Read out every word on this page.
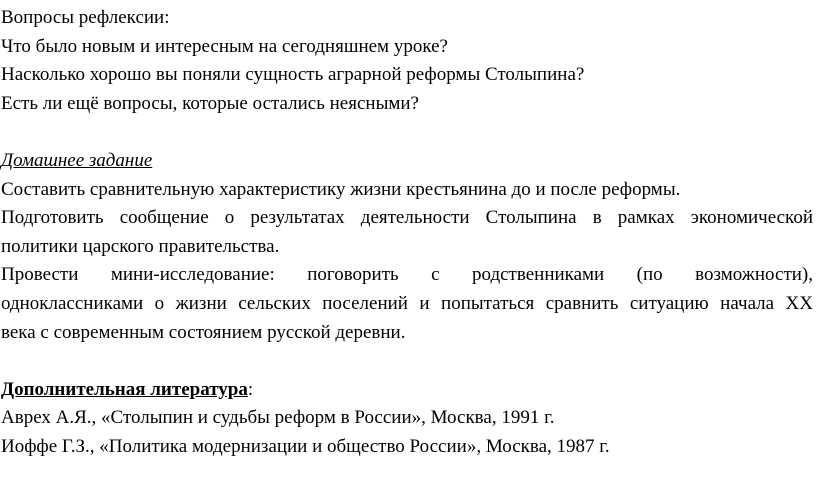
Вопросы рефлексии:
Что было новым и интересным на сегодняшнем уроке?
Насколько хорошо вы поняли сущность аграрной реформы Столыпина?
Есть ли ещё вопросы, которые остались неясными?
Домашнее задание
Составить сравнительную характеристику жизни крестьянина до и после реформы.
Подготовить сообщение о результатах деятельности Столыпина в рамках экономической
политики царского правительства.
Провести мини-исследование: поговорить с родственниками (по возможности),
одноклассниками о жизни сельских поселений и попытаться сравнить ситуацию начала XX
века с современным состоянием русской деревни.
Дополнительная литература:
Аврех А.Я., «Столыпин и судьбы реформ в России», Москва, 1991 г.
Иоффе Г.З., «Политика модернизации и общество России», Москва, 1987 г.
